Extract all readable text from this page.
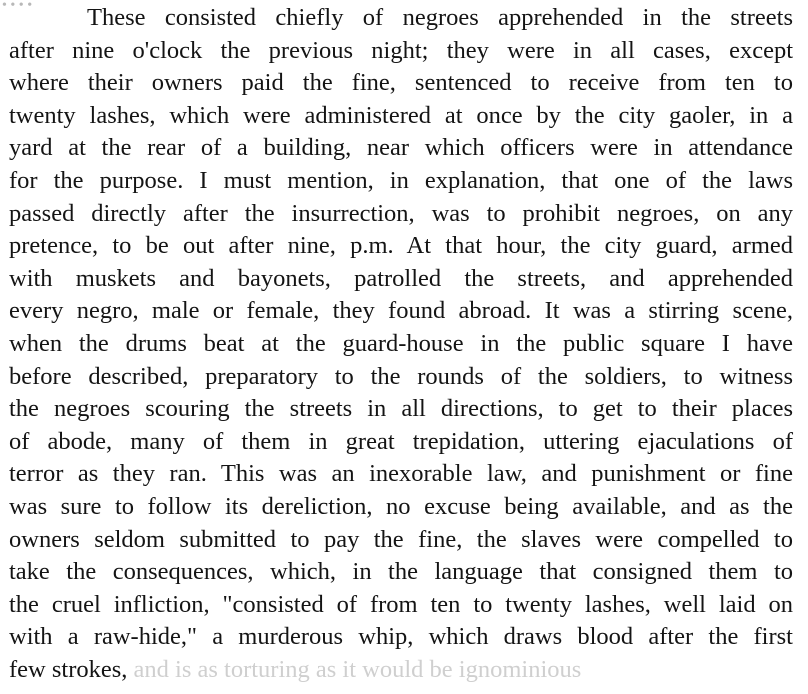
• • • •	These consisted chiefly of negroes apprehended in the streets
after nine o'clock the previous night; they were in all cases, except
where their owners paid the fine, sentenced to receive from ten to
twenty lashes, which were administered at once by the city gaoler, in a
yard at the rear of a building, near which officers were in attendance
for the purpose. I must mention, in explanation, that one of the laws
passed directly after the insurrection, was to prohibit negroes, on any
pretence, to be out after nine, p.m. At that hour, the city guard, armed
with muskets and bayonets, patrolled the streets, and apprehended
every negro, male or female, they found abroad. It was a stirring scene,
when the drums beat at the guard-house in the public square I have
before described, preparatory to the rounds of the soldiers, to witness
the negroes scouring the streets in all directions, to get to their places
of abode, many of them in great trepidation, uttering ejaculations of
terror as they ran. This was an inexorable law, and punishment or fine
was sure to follow its dereliction, no excuse being available, and as the
owners seldom submitted to pay the fine, the slaves were compelled to
take the consequences, which, in the language that consigned them to
the cruel infliction, "consisted of from ten to twenty lashes, well laid on
with a raw-hide," a murderous whip, which draws blood after the first
few strokes, and is as torturing as it would be ignominious
